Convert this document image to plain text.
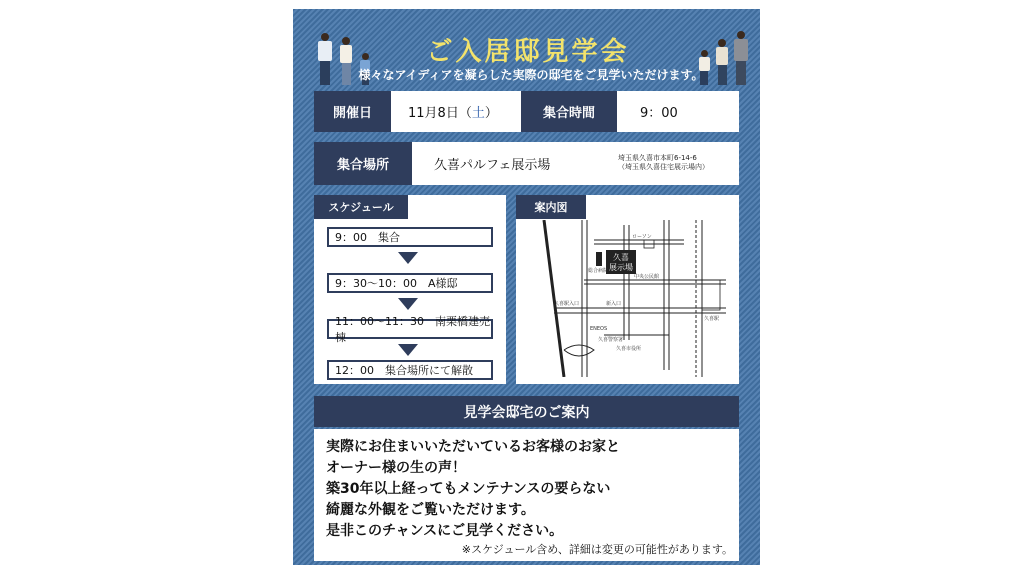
ご入居邸見学会
様々なアイディアを凝らした実際の邸宅をご見学いただけます。
開催日	11月8日（ 土 ）	集合時間	9：00
集合場所	久喜パルフェ展示場	埼玉県久喜市本町6-14-6
（埼玉県久喜住宅展示場内）
スケジュール
9：00　集合
9：30〜10：00　A様邸
11：00〜11：30　南栗橋建売棟
12：00　集合場所にて解散
案内図
久喜
展示場
ENEOS
久喜警察署
久喜市役所
久喜駅入口	新入口
中央公民館
総合病院
久喜駅
ローソン
見学会邸宅のご案内
実際にお住まいいただいているお客様のお家と
オーナー様の生の声！
築30年以上経ってもメンテナンスの要らない
綺麗な外観をご覧いただけます。
是非このチャンスにご見学ください。
※スケジュール含め、詳細は変更の可能性があります。
